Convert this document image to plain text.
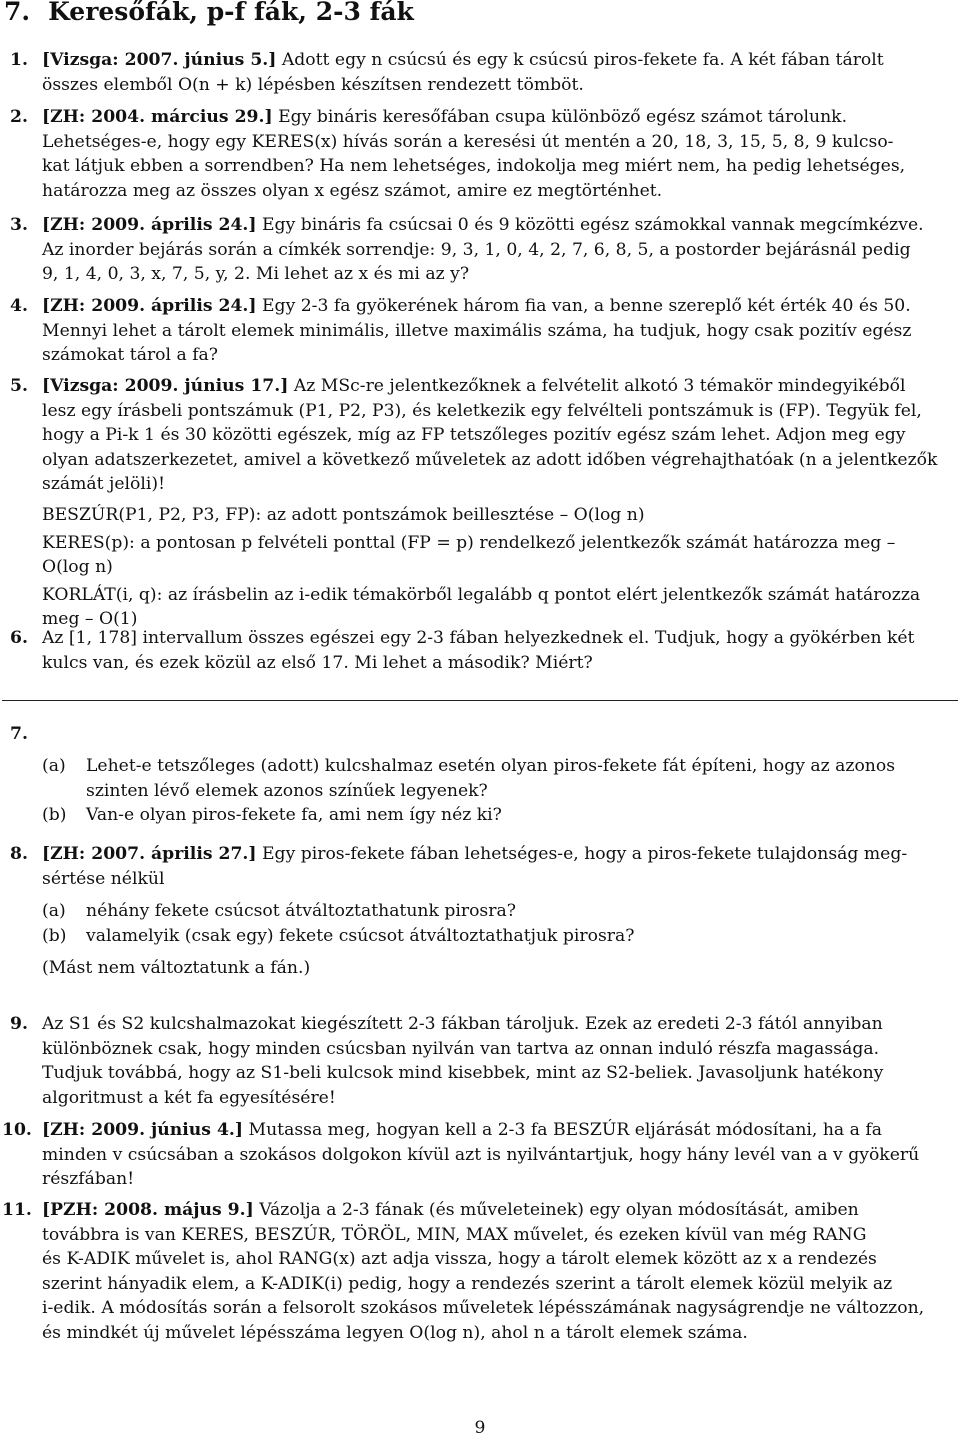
7. Keresőfák, p-f fák, 2-3 fák
1. [Vizsga: 2007. június 5.] Adott egy n csúcsú és egy k csúcsú piros-fekete fa. A két fában tárolt
összes elemből O(n + k) lépésben készítsen rendezett tömböt.
2. [ZH: 2004. március 29.] Egy bináris keresőfában csupa különböző egész számot tárolunk.
Lehetséges-e, hogy egy KERES(x) hívás során a keresési út mentén a 20, 18, 3, 15, 5, 8, 9 kulcso-
kat látjuk ebben a sorrendben? Ha nem lehetséges, indokolja meg miért nem, ha pedig lehetséges,
határozza meg az összes olyan x egész számot, amire ez megtörténhet.
3. [ZH: 2009. április 24.] Egy bináris fa csúcsai 0 és 9 közötti egész számokkal vannak megcímkézve.
Az inorder bejárás során a címkék sorrendje: 9, 3, 1, 0, 4, 2, 7, 6, 8, 5, a postorder bejárásnál pedig
9, 1, 4, 0, 3, x, 7, 5, y, 2. Mi lehet az x és mi az y?
4. [ZH: 2009. április 24.] Egy 2-3 fa gyökerének három fia van, a benne szereplő két érték 40 és 50.
Mennyi lehet a tárolt elemek minimális, illetve maximális száma, ha tudjuk, hogy csak pozitív egész
számokat tárol a fa?
5. [Vizsga: 2009. június 17.] Az MSc-re jelentkezőknek a felvételit alkotó 3 témakör mindegyikéből
lesz egy írásbeli pontszámuk (P1, P2, P3), és keletkezik egy felvélteli pontszámuk is (FP). Tegyük fel,
hogy a Pi-k 1 és 30 közötti egészek, míg az FP tetszőleges pozitív egész szám lehet. Adjon meg egy
olyan adatszerkezetet, amivel a következő műveletek az adott időben végrehajthatóak (n a jelentkezők
számát jelöli)!
BESZÚR(P1, P2, P3, FP): az adott pontszámok beillesztése – O(log n)
KERES(p): a pontosan p felvételi ponttal (FP = p) rendelkező jelentkezők számát határozza meg –
O(log n)
KORLÁT(i, q): az írásbelin az i-edik témakörből legalább q pontot elért jelentkezők számát határozza
meg – O(1)
6. Az [1, 178] intervallum összes egészei egy 2-3 fában helyezkednek el. Tudjuk, hogy a gyökérben két
kulcs van, és ezek közül az első 17. Mi lehet a második? Miért?
7.
(a) Lehet-e tetszőleges (adott) kulcshalmaz esetén olyan piros-fekete fát építeni, hogy az azonos
szinten lévő elemek azonos színűek legyenek?
(b) Van-e olyan piros-fekete fa, ami nem így néz ki?
8. [ZH: 2007. április 27.] Egy piros-fekete fában lehetséges-e, hogy a piros-fekete tulajdonság meg-
sértése nélkül
(a) néhány fekete csúcsot átváltoztathatunk pirosra?
(b) valamelyik (csak egy) fekete csúcsot átváltoztathatjuk pirosra?
(Mást nem változtatunk a fán.)
9. Az S1 és S2 kulcshalmazokat kiegészített 2-3 fákban tároljuk. Ezek az eredeti 2-3 fától annyiban
különböznek csak, hogy minden csúcsban nyilván van tartva az onnan induló részfa magassága.
Tudjuk továbbá, hogy az S1-beli kulcsok mind kisebbek, mint az S2-beliek. Javasoljunk hatékony
algoritmust a két fa egyesítésére!
10. [ZH: 2009. június 4.] Mutassa meg, hogyan kell a 2-3 fa BESZÚR eljárását módosítani, ha a fa
minden v csúcsában a szokásos dolgokon kívül azt is nyilvántartjuk, hogy hány levél van a v gyökerű
részfában!
11. [PZH: 2008. május 9.] Vázolja a 2-3 fának (és műveleteinek) egy olyan módosítását, amiben
továbbra is van KERES, BESZÚR, TÖRÖL, MIN, MAX művelet, és ezeken kívül van még RANG
és K-ADIK művelet is, ahol RANG(x) azt adja vissza, hogy a tárolt elemek között az x a rendezés
szerint hányadik elem, a K-ADIK(i) pedig, hogy a rendezés szerint a tárolt elemek közül melyik az
i-edik. A módosítás során a felsorolt szokásos műveletek lépésszámának nagyságrendje ne változzon,
és mindkét új művelet lépésszáma legyen O(log n), ahol n a tárolt elemek száma.
9
